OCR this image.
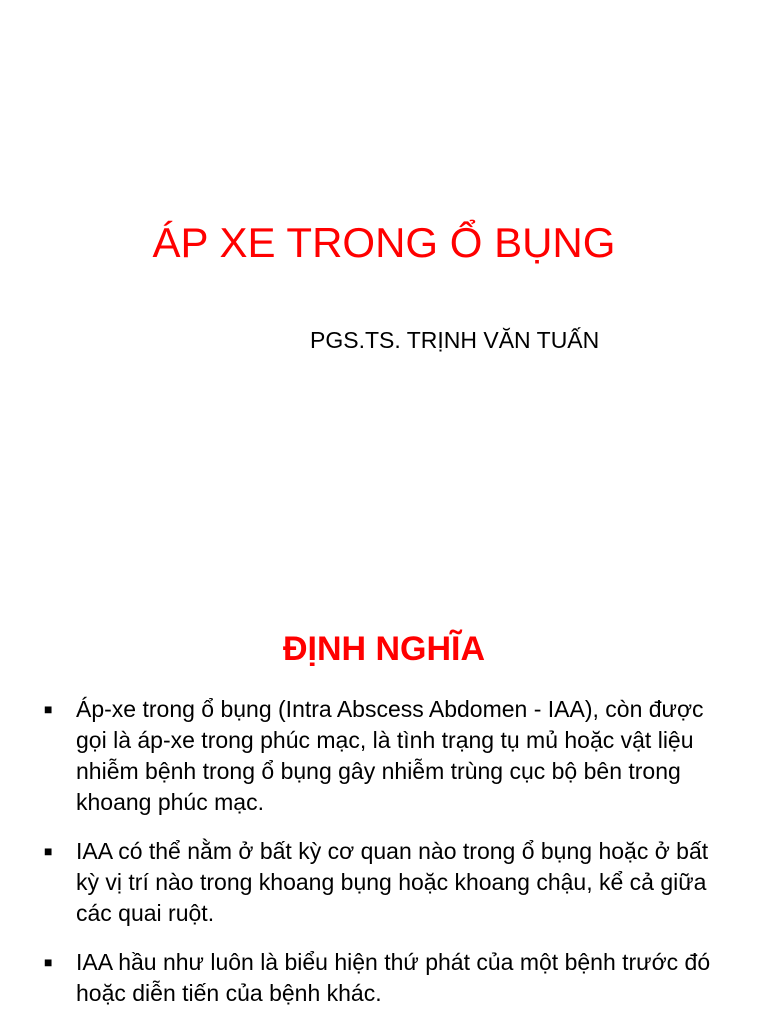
ÁP XE TRONG Ổ BỤNG
PGS.TS. TRỊNH VĂN TUẤN
ĐỊNH NGHĨA
■ Áp-xe trong ổ bụng (Intra Abscess Abdomen - IAA), còn được gọi là áp-xe trong phúc mạc, là tình trạng tụ mủ hoặc vật liệu nhiễm bệnh trong ổ bụng gây nhiễm trùng cục bộ bên trong khoang phúc mạc.
■ IAA có thể nằm ở bất kỳ cơ quan nào trong ổ bụng hoặc ở bất kỳ vị trí nào trong khoang bụng hoặc khoang chậu, kể cả giữa các quai ruột.
■ IAA hầu như luôn là biểu hiện thứ phát của một bệnh trước đó hoặc diễn tiến của bệnh khác.
